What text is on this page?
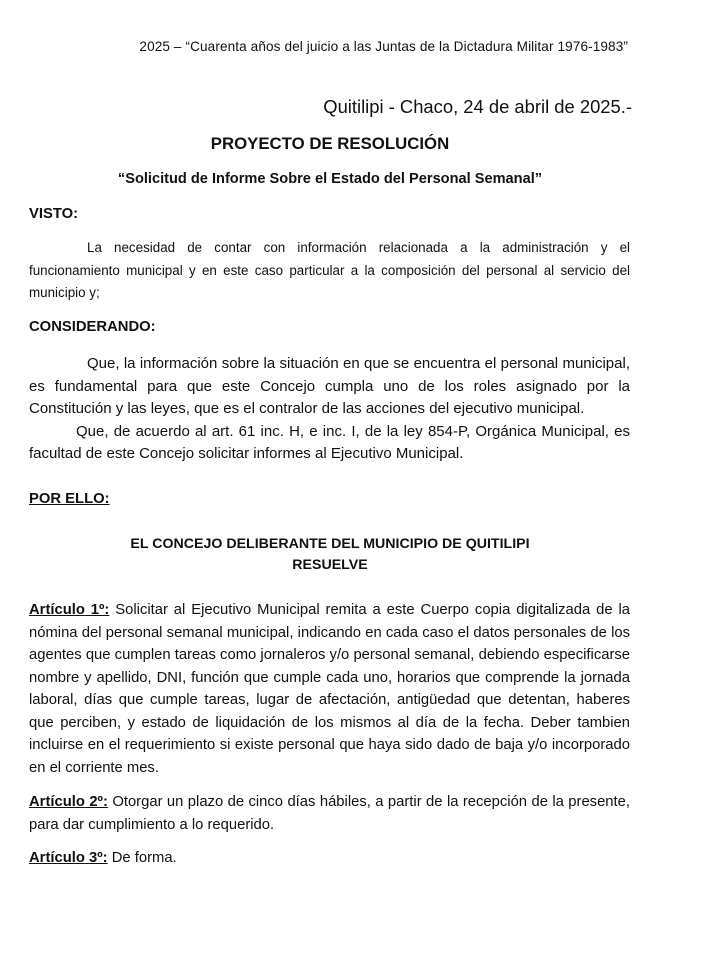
2025 – “Cuarenta años del juicio a las Juntas de la Dictadura Militar 1976-1983”
Quitilipi - Chaco, 24 de abril de 2025.-
PROYECTO DE RESOLUCIÓN
“Solicitud de Informe Sobre el Estado del Personal Semanal”
VISTO:
La necesidad de contar con información relacionada a la administración y el funcionamiento municipal y en este caso particular a la composición del personal al servicio del municipio y;
CONSIDERANDO:
Que, la información sobre la situación en que se encuentra el personal municipal, es fundamental para que este Concejo cumpla uno de los roles asignado por la Constitución y las leyes, que es el contralor de las acciones del ejecutivo municipal.
Que, de acuerdo al art. 61 inc. H, e inc. I, de la ley 854-P, Orgánica Municipal, es facultad de este Concejo solicitar informes al Ejecutivo Municipal.
POR ELLO:
EL CONCEJO DELIBERANTE DEL MUNICIPIO DE QUITILIPI
RESUELVE
Artículo 1º: Solicitar al Ejecutivo Municipal remita a este Cuerpo copia digitalizada de la nómina del personal semanal municipal, indicando en cada caso el datos personales de los agentes que cumplen tareas como jornaleros y/o personal semanal, debiendo especificarse nombre y apellido, DNI, función que cumple cada uno, horarios que comprende la jornada laboral, días que cumple tareas, lugar de afectación, antigüedad que detentan, haberes que perciben, y estado de liquidación de los mismos al día de la fecha. Deber tambien incluirse en el requerimiento si existe personal que haya sido dado de baja y/o incorporado en el corriente mes.
Artículo 2º: Otorgar un plazo de cinco días hábiles, a partir de la recepción de la presente, para dar cumplimiento a lo requerido.
Artículo 3º: De forma.
